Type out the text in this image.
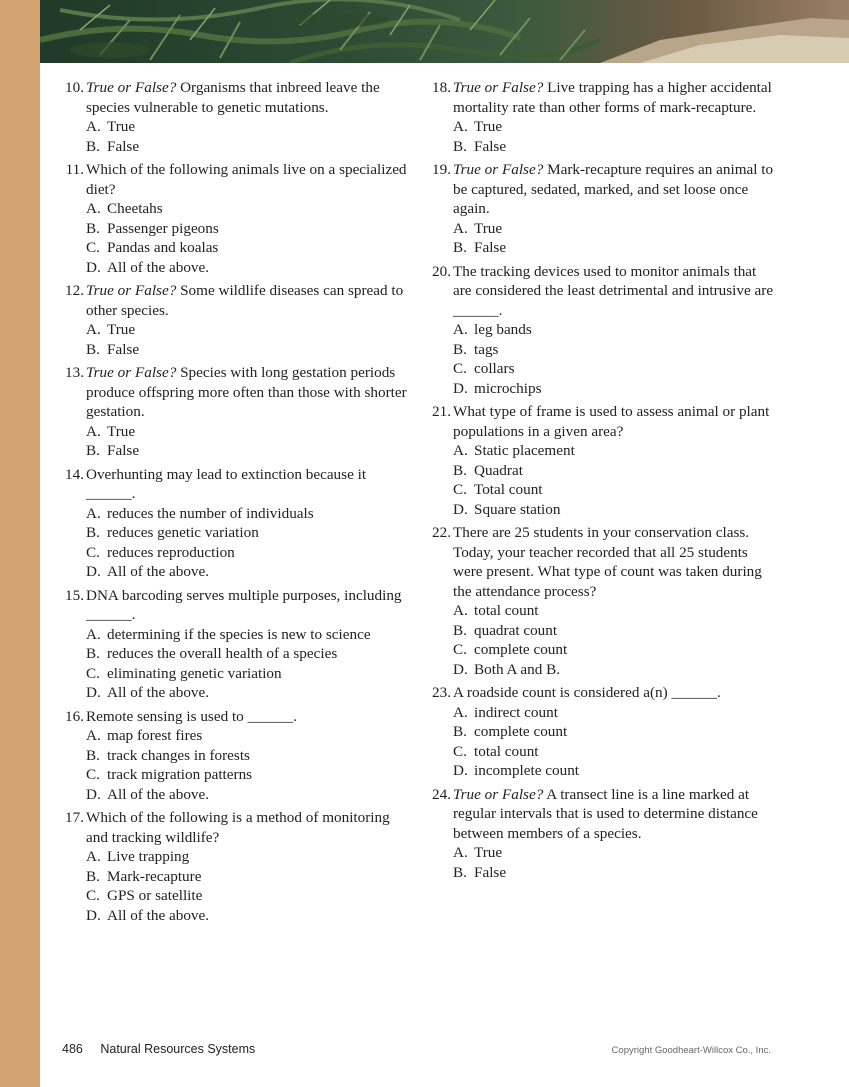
10. True or False? Organisms that inbreed leave the species vulnerable to genetic mutations.
A. True
B. False
11. Which of the following animals live on a specialized diet?
A. Cheetahs
B. Passenger pigeons
C. Pandas and koalas
D. All of the above.
12. True or False? Some wildlife diseases can spread to other species.
A. True
B. False
13. True or False? Species with long gestation periods produce offspring more often than those with shorter gestation.
A. True
B. False
14. Overhunting may lead to extinction because it ______.
A. reduces the number of individuals
B. reduces genetic variation
C. reduces reproduction
D. All of the above.
15. DNA barcoding serves multiple purposes, including ______.
A. determining if the species is new to science
B. reduces the overall health of a species
C. eliminating genetic variation
D. All of the above.
16. Remote sensing is used to ______.
A. map forest fires
B. track changes in forests
C. track migration patterns
D. All of the above.
17. Which of the following is a method of monitoring and tracking wildlife?
A. Live trapping
B. Mark-recapture
C. GPS or satellite
D. All of the above.
18. True or False? Live trapping has a higher accidental mortality rate than other forms of mark-recapture.
A. True
B. False
19. True or False? Mark-recapture requires an animal to be captured, sedated, marked, and set loose once again.
A. True
B. False
20. The tracking devices used to monitor animals that are considered the least detrimental and intrusive are ______.
A. leg bands
B. tags
C. collars
D. microchips
21. What type of frame is used to assess animal or plant populations in a given area?
A. Static placement
B. Quadrat
C. Total count
D. Square station
22. There are 25 students in your conservation class. Today, your teacher recorded that all 25 students were present. What type of count was taken during the attendance process?
A. total count
B. quadrat count
C. complete count
D. Both A and B.
23. A roadside count is considered a(n) ______.
A. indirect count
B. complete count
C. total count
D. incomplete count
24. True or False? A transect line is a line marked at regular intervals that is used to determine distance between members of a species.
A. True
B. False
486 Natural Resources Systems	Copyright Goodheart-Willcox Co., Inc.
